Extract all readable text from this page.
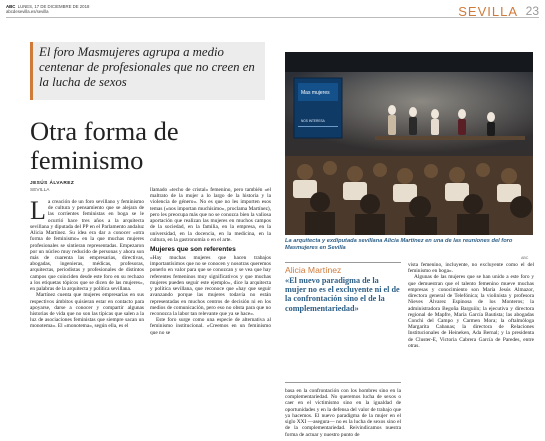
ABC LUNES, 17 DE DICIEMBRE DE 2018
abcdesevilla.es/sevilla	SEVILLA 23
El foro Masmujeres agrupa a medio centenar de profesionales que no creen en la lucha de sexos
Otra forma de
feminismo
JESÚS ÁLVAREZ
SEVILLA

La creación de un foro sevillano y feminismo de cultura y pensamiento que se alejara de las corrientes feministas en boga se le ocurrió hace tres años a la arquitecta sevillana y diputada del PP en el Parlamento andaluz Alicia Martínez. Su idea era dar a conocer «otra forma de feminismo» en la que muchas mujeres profesionales se sintieran representadas. Empezaron por un núcleo muy reducido de personas y ahora son más de cuarenta las empresarias, directivas, abogadas, ingenieras, médicas, profesoras, arquitectas, periodistas y profesionales de distintos campos que coinciden desde este foro en su rechazo a los etiquetas tópicos que se dicen de las mujeres», en palabras de la arquitecta y política sevillana.

Martínez cuenta que mujeres empresarias en sus respectivos ámbitos quisieran estar en contacto para apoyarse, darse a conocer y compartir algunas historias de vida que no son las típicas que salen a la luz de asociaciones feministas que siempre sacan un monotema». El «monotema», según ella, es el

llamado «techo de cristal» femenino, pero también «el maltrato de la mujer a lo largo de la historia y la violencia de género». No es que no les importen esos temas («nos importan muchísimo», proclama Martínez), pero les preocupa más que no se conozca bien la valiosa aportación que realizan las mujeres en muchos campos de la sociedad, en la familia, en la empresa, en la universidad, en la docencia, en la medicina, en la cultura, en la gastronomía o en el arte.

Mujeres que son referentes

«Hay muchas mujeres que hacen trabajos importantísimos que no se conocen y nosotras queremos ponerlo en valor para que se conozcan y se vea que hay referentes femeninos muy significativos y que muchas mujeres pueden seguir este ejemplo», dice la arquitecta y política sevillana, que reconoce que «hay que seguir avanzando porque las mujeres todavía no están representadas en muchos centros de decisión ni en los medios de comunicación, pero eso no obsta para que no reconozca la labor tan relevante que ya se hace».

Este foro surge como una especie de alternativa al feminismo institucional. «Creemos en un feminismo que no se

Mas mujeres
NOS INTERESA
La arquitecta y exdiputada sevillana Alicia Martínez en una de las reuniones del foro Masmujeres en Sevilla
ABC
Alicia Martínez
«El nuevo paradigma de la mujer no es el excluyente ni el de la confrontación sino el de la complementariedad»

basa en la confrontación con los hombres sino en la complementariedad. No queremos lucha de sexos o caer en el victimismo sino en la igualdad de oportunidades y en la defensa del valor de trabajo que ya hacemos. El nuevo paradigma de la mujer en el siglo XXI —asegura— no es la lucha de sexos sino el de la complementariedad. Reivindicamos nuestra forma de actuar y nuestro punto de

vista femenino, incluyente, no excluyente como el del feminismo en boga».

Algunas de las mujeres que se han unido a este foro y que demuestran que el talento femenino mueve muchas empresas y conocimiento son María Jesús Almazor, directora general de Telefónica; la violinista y profesora Nieves Álvarez Espinosa de los Monteros; la administradora Begoña Barguiín; la ejecutiva y directora regional de Mapfre, María García Bautista; las abogadas Conchi del Campo y Carmen Mora; la oftalmóloga Margarita Cabanas; la directora de Relaciones Institucionales de Heineken, Ada Bernal; y la presidenta de Cluster-E, Victoria Cabrera García de Paredes, entre otras.
